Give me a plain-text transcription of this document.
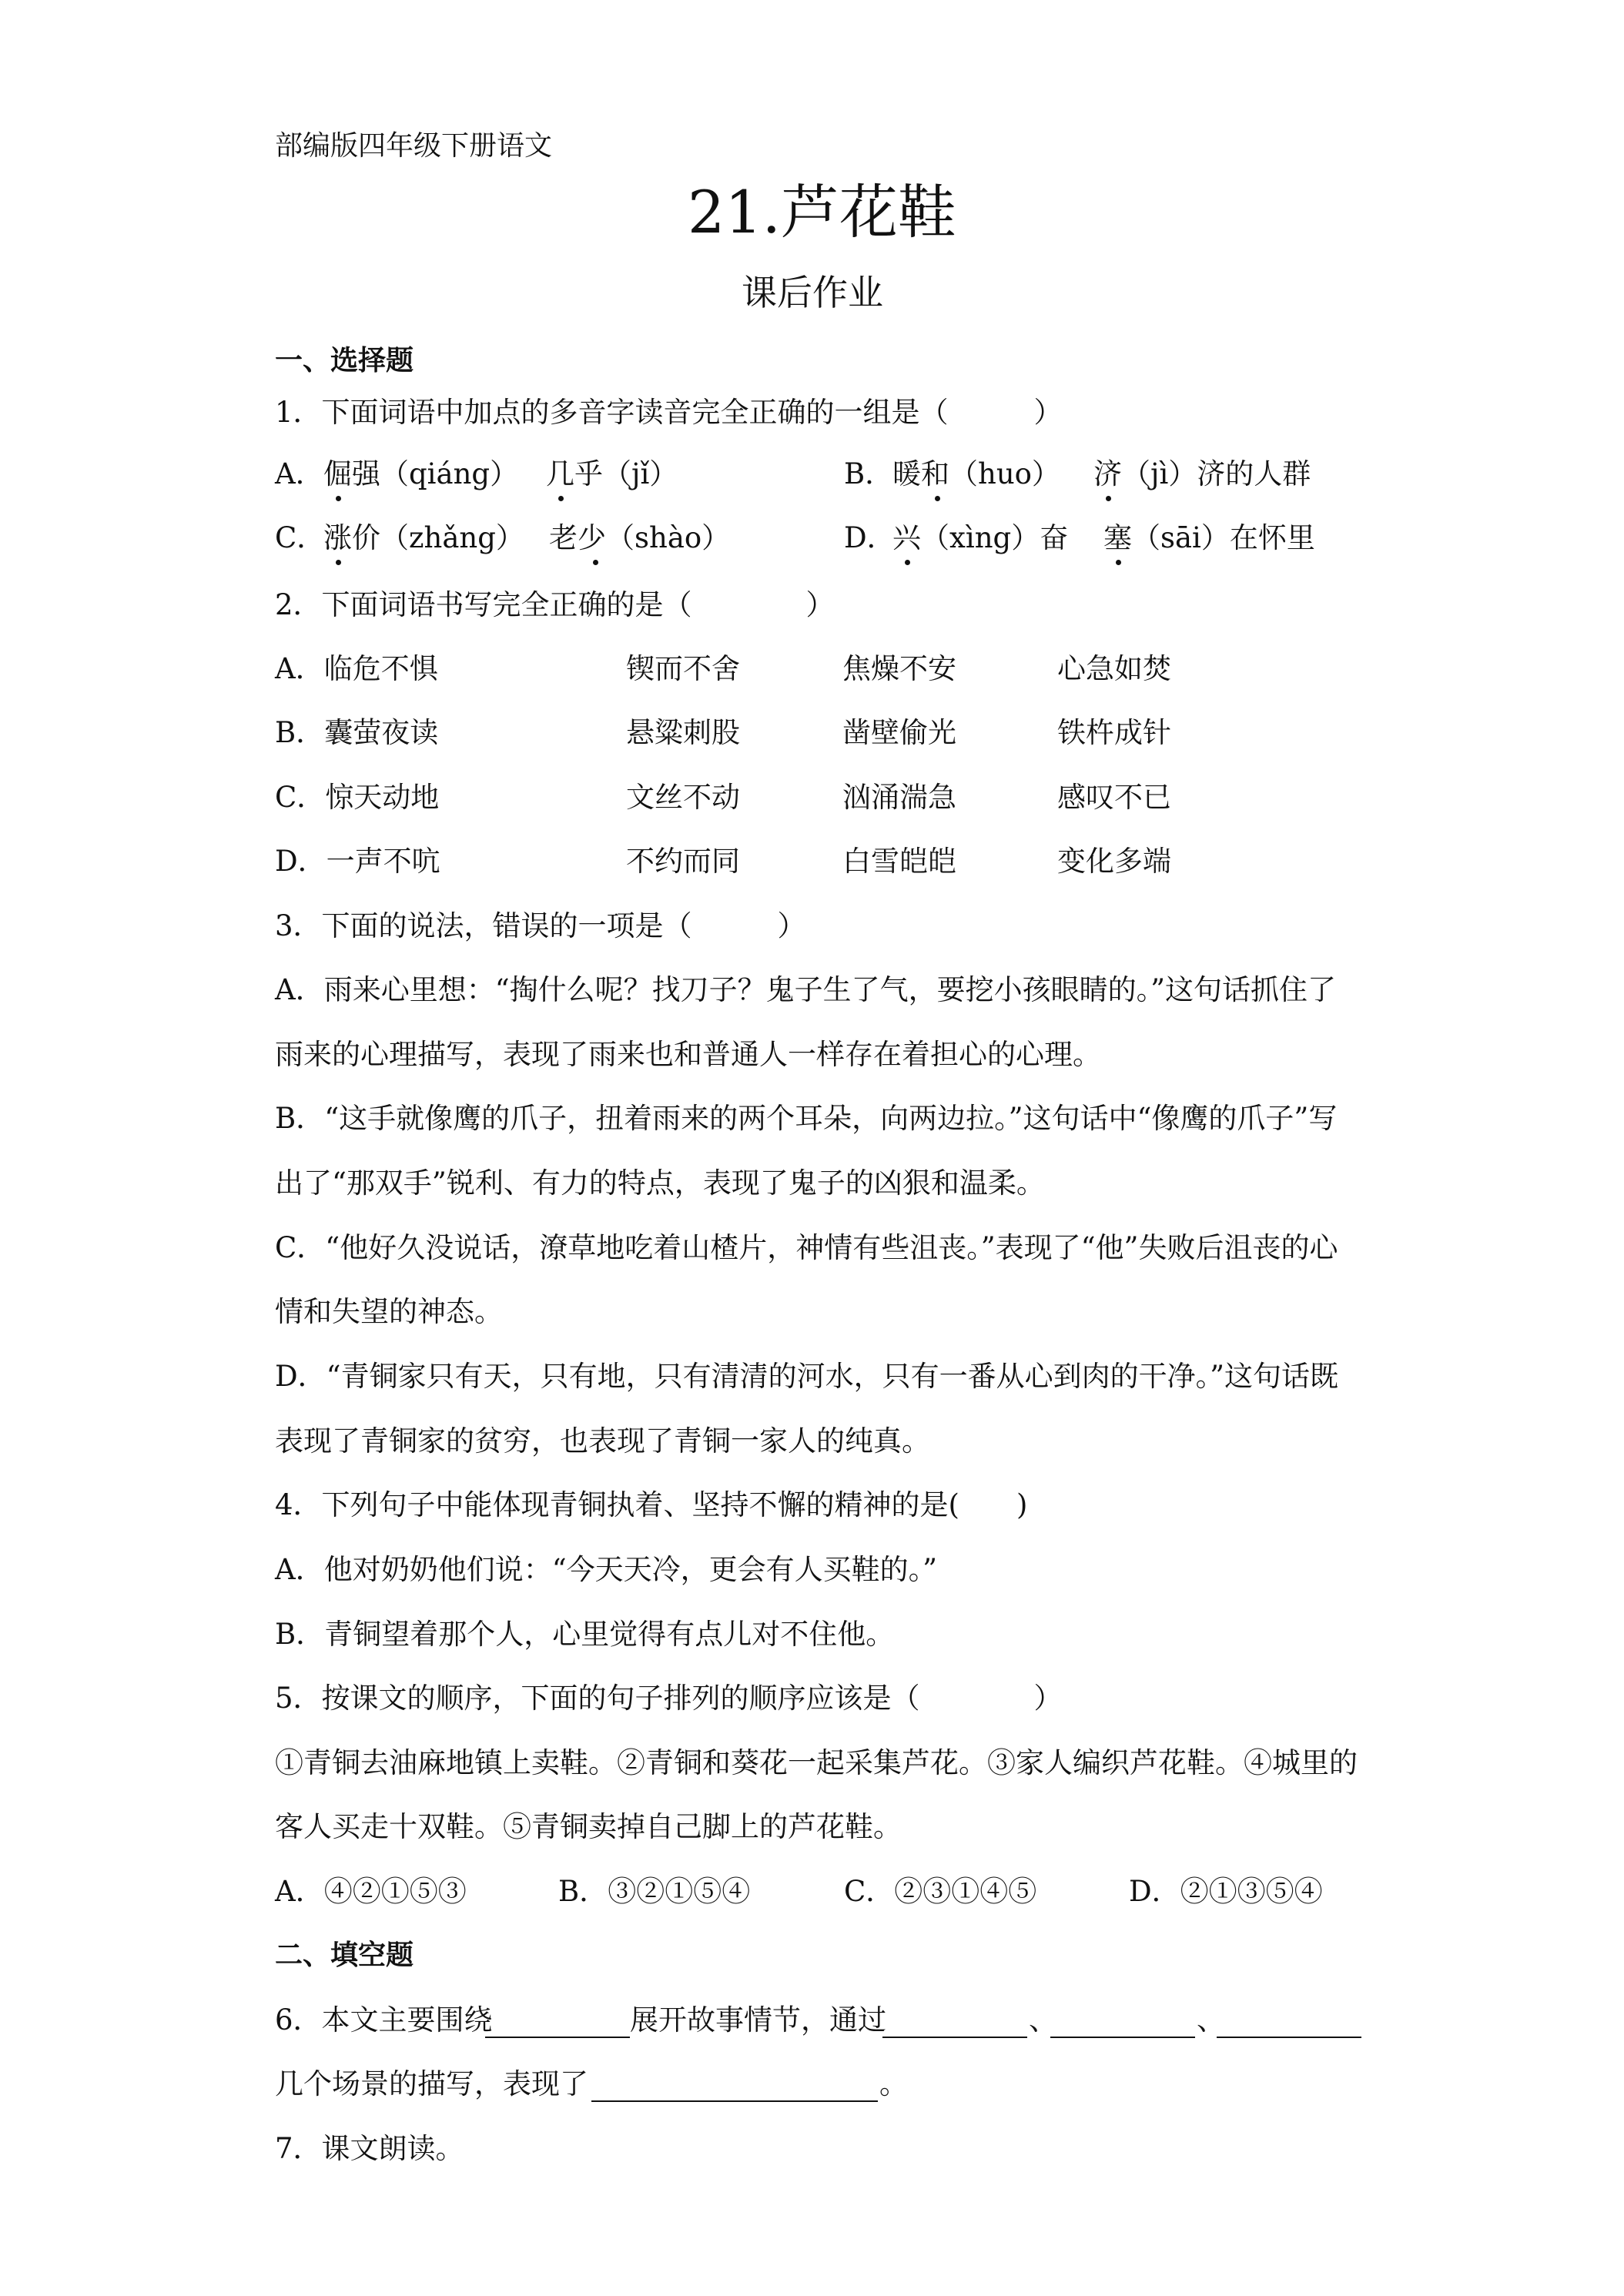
部编版四年级下册语文
21.芦花鞋
课后作业
一、选择题
1．下面词语中加点的多音字读音完全正确的一组是（　　　）
A． 倔强（qiáng） 几乎（jǐ）	B．
暖和（huo） 济（jì）济的人群
C．
涨价（zhǎng） 老少（shào）	D．
兴（xìng）奋 塞（sāi）在怀里
2．下面词语书写完全正确的是（　　　　）
A．临危不惧	锲而不舍	焦燥不安	心急如焚
B．囊萤夜读	悬粱刺股	凿壁偷光	铁杵成针
C．惊天动地	文丝不动	汹涌湍急	感叹不已
D．一声不吭	不约而同	白雪皑皑	变化多端
3．下面的说法，错误的一项是（　　　）
A．雨来心里想：“掏什么呢？找刀子？鬼子生了气，要挖小孩眼睛的。”这句话抓住了
雨来的心理描写，表现了雨来也和普通人一样存在着担心的心理。
B．“这手就像鹰的爪子，扭着雨来的两个耳朵，向两边拉。”这句话中“像鹰的爪子”写
出了“那双手”锐利、有力的特点，表现了鬼子的凶狠和温柔。
C．“他好久没说话，潦草地吃着山楂片，神情有些沮丧。”表现了“他”失败后沮丧的心
情和失望的神态。
D．“青铜家只有天，只有地，只有清清的河水，只有一番从心到肉的干净。”这句话既
表现了青铜家的贫穷，也表现了青铜一家人的纯真。
4．下列句子中能体现青铜执着、坚持不懈的精神的是(　　)
A．他对奶奶他们说：“今天天冷，更会有人买鞋的。”
B．青铜望着那个人，心里觉得有点儿对不住他。
5．按课文的顺序，下面的句子排列的顺序应该是（　　　　）
①青铜去油麻地镇上卖鞋。②青铜和葵花一起采集芦花。③家人编织芦花鞋。④城里的
客人买走十双鞋。⑤青铜卖掉自己脚上的芦花鞋。
A．④②①⑤③	B．③②①⑤④	C．②③①④⑤	D．②①③⑤④
二、填空题
6．本文主要围绕	展开故事情节，通过	、	、
几个场景的描写，表现了	。
7．课文朗读。
